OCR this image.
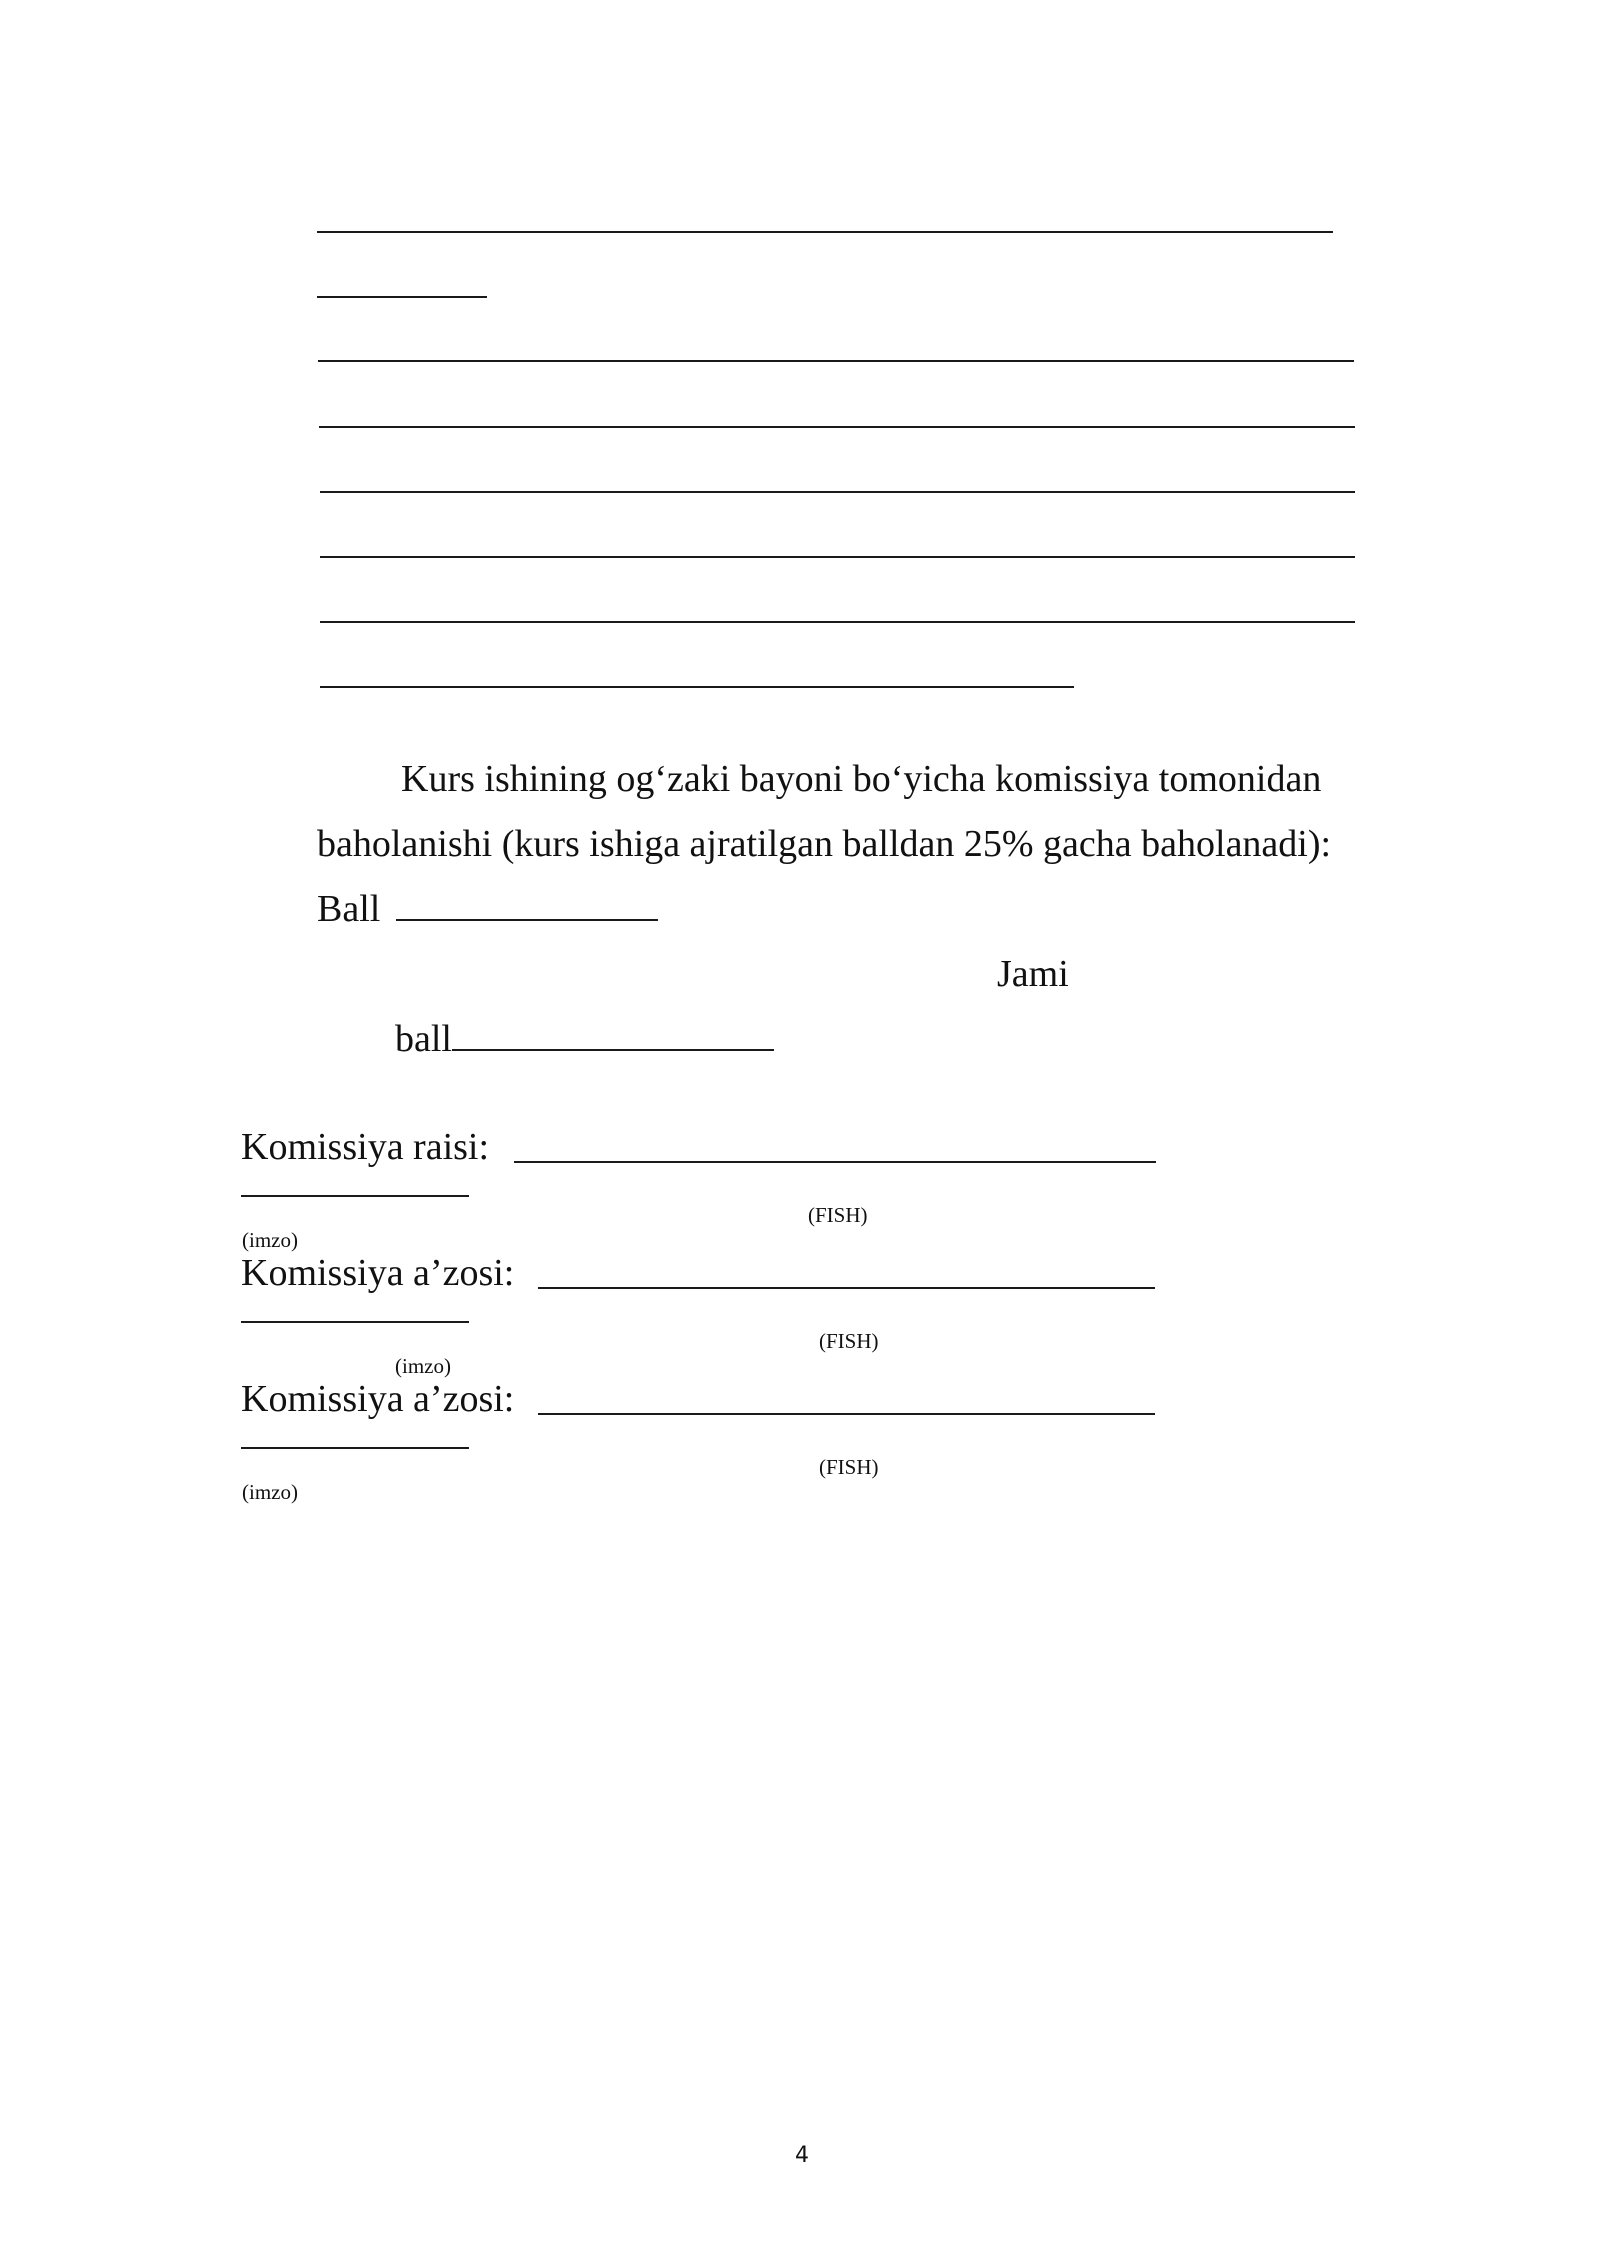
Kurs ishining og‘zaki bayoni bo‘yicha komissiya tomonidan
baholanishi (kurs ishiga ajratilgan balldan 25% gacha baholanadi):
Ball
Jami
ball
Komissiya raisi:
(FISH)
(imzo)
Komissiya a’zosi:
(FISH)
(imzo)
Komissiya a’zosi:
(FISH)
(imzo)
4
